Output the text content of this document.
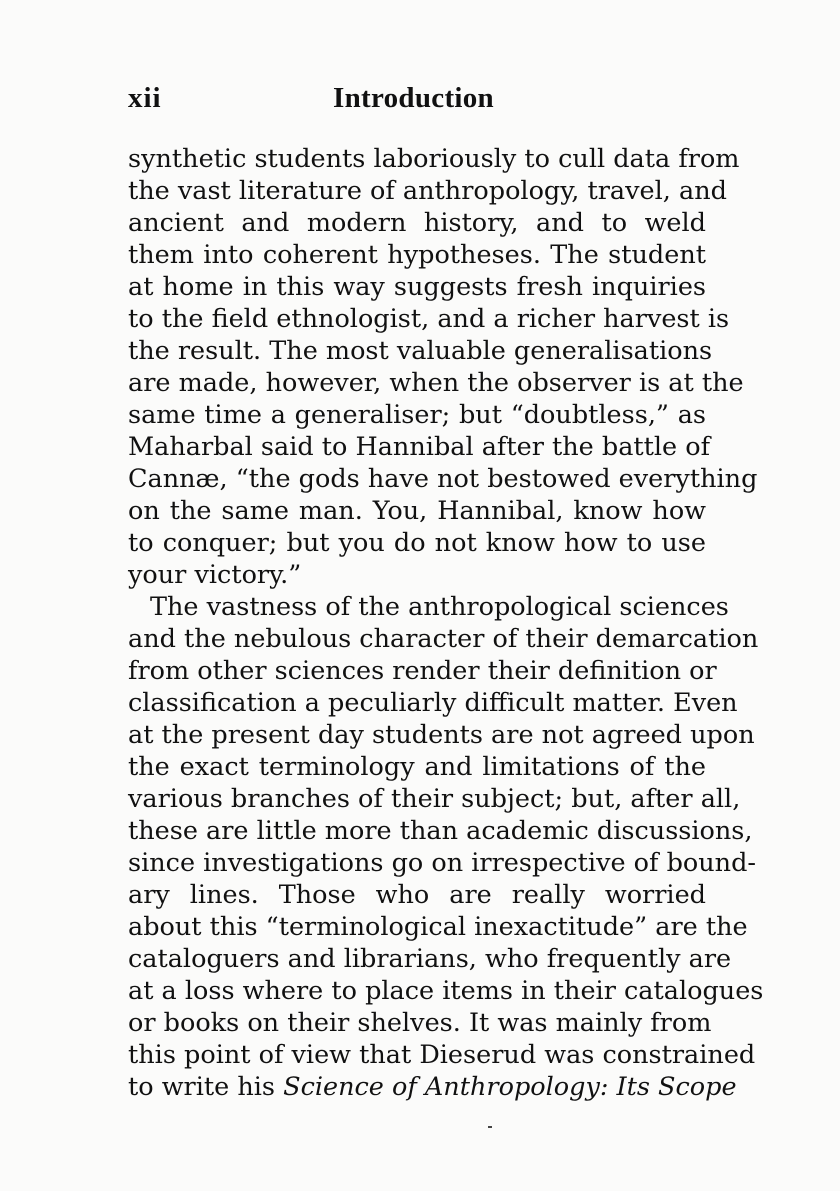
xii	Introduction
synthetic students laboriously to cull data from
the vast literature of anthropology, travel, and
ancient and modern history, and to weld
them into coherent hypotheses. The student
at home in this way suggests fresh inquiries
to the field ethnologist, and a richer harvest is
the result. The most valuable generalisations
are made, however, when the observer is at the
same time a generaliser; but “doubtless,” as
Maharbal said to Hannibal after the battle of
Cannæ, “the gods have not bestowed everything
on the same man. You, Hannibal, know how
to conquer; but you do not know how to use
your victory.”
The vastness of the anthropological sciences
and the nebulous character of their demarcation
from other sciences render their definition or
classification a peculiarly difficult matter. Even
at the present day students are not agreed upon
the exact terminology and limitations of the
various branches of their subject; but, after all,
these are little more than academic discussions,
since investigations go on irrespective of bound-
ary lines. Those who are really worried
about this “terminological inexactitude” are the
cataloguers and librarians, who frequently are
at a loss where to place items in their catalogues
or books on their shelves. It was mainly from
this point of view that Dieserud was constrained
to write his Science of Anthropology: Its Scope
